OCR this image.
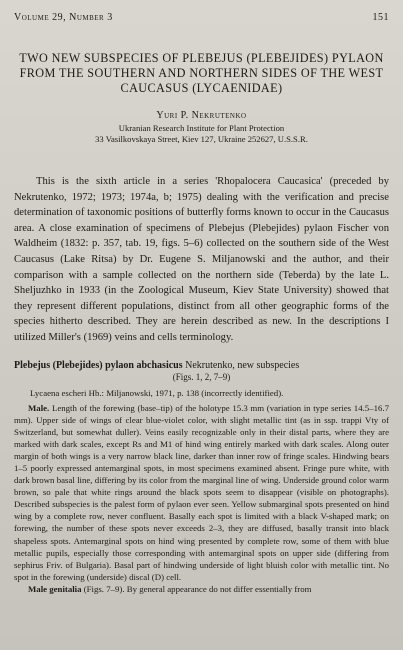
Volume 29, Number 3	151
TWO NEW SUBSPECIES OF PLEBEJUS (PLEBEJIDES) PYLAON FROM THE SOUTHERN AND NORTHERN SIDES OF THE WEST CAUCASUS (LYCAENIDAE)
Yuri P. Nekrutenko
Ukranian Research Institute for Plant Protection
33 Vasilkovskaya Street, Kiev 127, Ukraine 252627, U.S.S.R.
This is the sixth article in a series 'Rhopalocera Caucasica' (preceded by Nekrutenko, 1972; 1973; 1974a, b; 1975) dealing with the verification and precise determination of taxonomic positions of butterfly forms known to occur in the Caucasus area. A close examination of specimens of Plebejus (Plebejides) pylaon Fischer von Waldheim (1832: p. 357, tab. 19, figs. 5–6) collected on the southern side of the West Caucasus (Lake Ritsa) by Dr. Eugene S. Miljanowski and the author, and their comparison with a sample collected on the northern side (Teberda) by the late L. Sheljuzhko in 1933 (in the Zoological Museum, Kiev State University) showed that they represent different populations, distinct from all other geographic forms of the species hitherto described. They are herein described as new. In the descriptions I utilized Miller's (1969) veins and cells terminology.
Plebejus (Plebejides) pylaon abchasicus Nekrutenko, new subspecies
(Figs. 1, 2, 7–9)
Lycaena escheri Hb.: Miljanowski, 1971, p. 138 (incorrectly identified).
Male. Length of the forewing (base–tip) of the holotype 15.3 mm (variation in type series 14.5–16.7 mm). Upper side of wings of clear blue-violet color, with slight metallic tint (as in ssp. trappi Vty of Switzerland, but somewhat duller). Veins easily recognizable only in their distal parts, where they are marked with dark scales, except Rs and M1 of hind wing entirely marked with dark scales. Along outer margin of both wings is a very narrow black line, darker than inner row of fringe scales. Hindwing bears 1–5 poorly expressed antemarginal spots, in most specimens examined absent. Fringe pure white, with dark brown basal line, differing by its color from the marginal line of wing. Underside ground color warm brown, so pale that white rings around the black spots seem to disappear (visible on photographs). Described subspecies is the palest form of pylaon ever seen. Yellow submarginal spots presented on hind wing by a complete row, never confluent. Basally each spot is limited with a black V-shaped mark; on forewing, the number of these spots never exceeds 2–3, they are diffused, basally transit into black shapeless spots. Antemarginal spots on hind wing presented by complete row, some of them with blue metallic pupils, especially those corresponding with antemarginal spots on upper side (differing from sephirus Friv. of Bulgaria). Basal part of hindwing underside of light bluish color with metallic tint. No spot in the forewing (underside) discal (D) cell.
Male genitalia (Figs. 7–9). By general appearance do not differ essentially from
